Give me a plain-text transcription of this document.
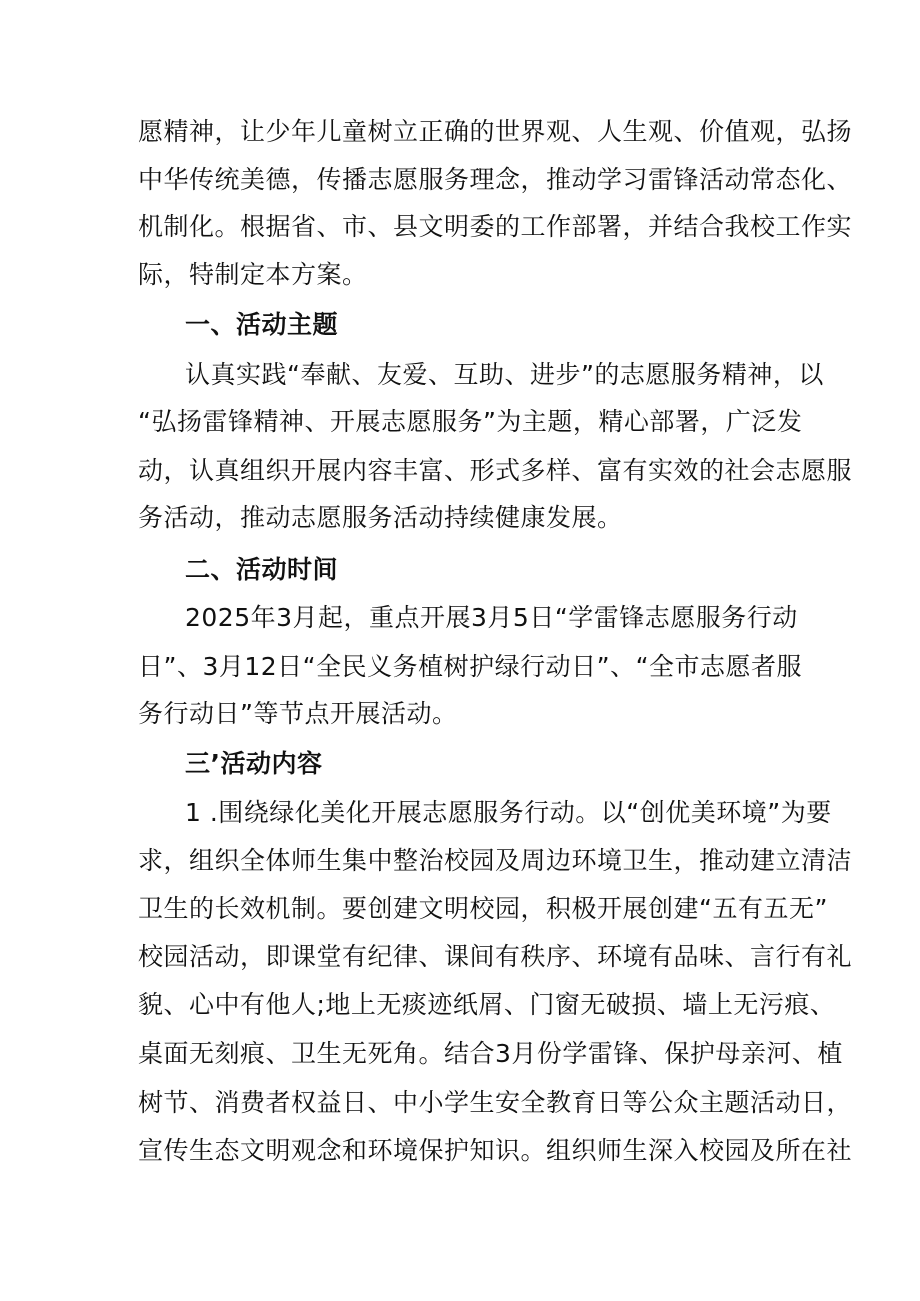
愿精神，让少年儿童树立正确的世界观、人生观、价值观，弘扬
中华传统美德，传播志愿服务理念，推动学习雷锋活动常态化、
机制化。根据省、市、县文明委的工作部署，并结合我校工作实
际，特制定本方案。
一、活动主题
认真实践“奉献、友爱、互助、进步”的志愿服务精神，以
“弘扬雷锋精神、开展志愿服务”为主题，精心部署，广泛发
动，认真组织开展内容丰富、形式多样、富有实效的社会志愿服
务活动，推动志愿服务活动持续健康发展。
二、活动时间
2025年3月起，重点开展3月5日“学雷锋志愿服务行动
日”、3月12日“全民义务植树护绿行动日”、“全市志愿者服
务行动日”等节点开展活动。
三’活动内容
1 .围绕绿化美化开展志愿服务行动。以“创优美环境”为要
求，组织全体师生集中整治校园及周边环境卫生，推动建立清洁
卫生的长效机制。要创建文明校园，积极开展创建“五有五无”
校园活动，即课堂有纪律、课间有秩序、环境有品味、言行有礼
貌、心中有他人;地上无痰迹纸屑、门窗无破损、墙上无污痕、
桌面无刻痕、卫生无死角。结合3月份学雷锋、保护母亲河、植
树节、消费者权益日、中小学生安全教育日等公众主题活动日，
宣传生态文明观念和环境保护知识。组织师生深入校园及所在社
